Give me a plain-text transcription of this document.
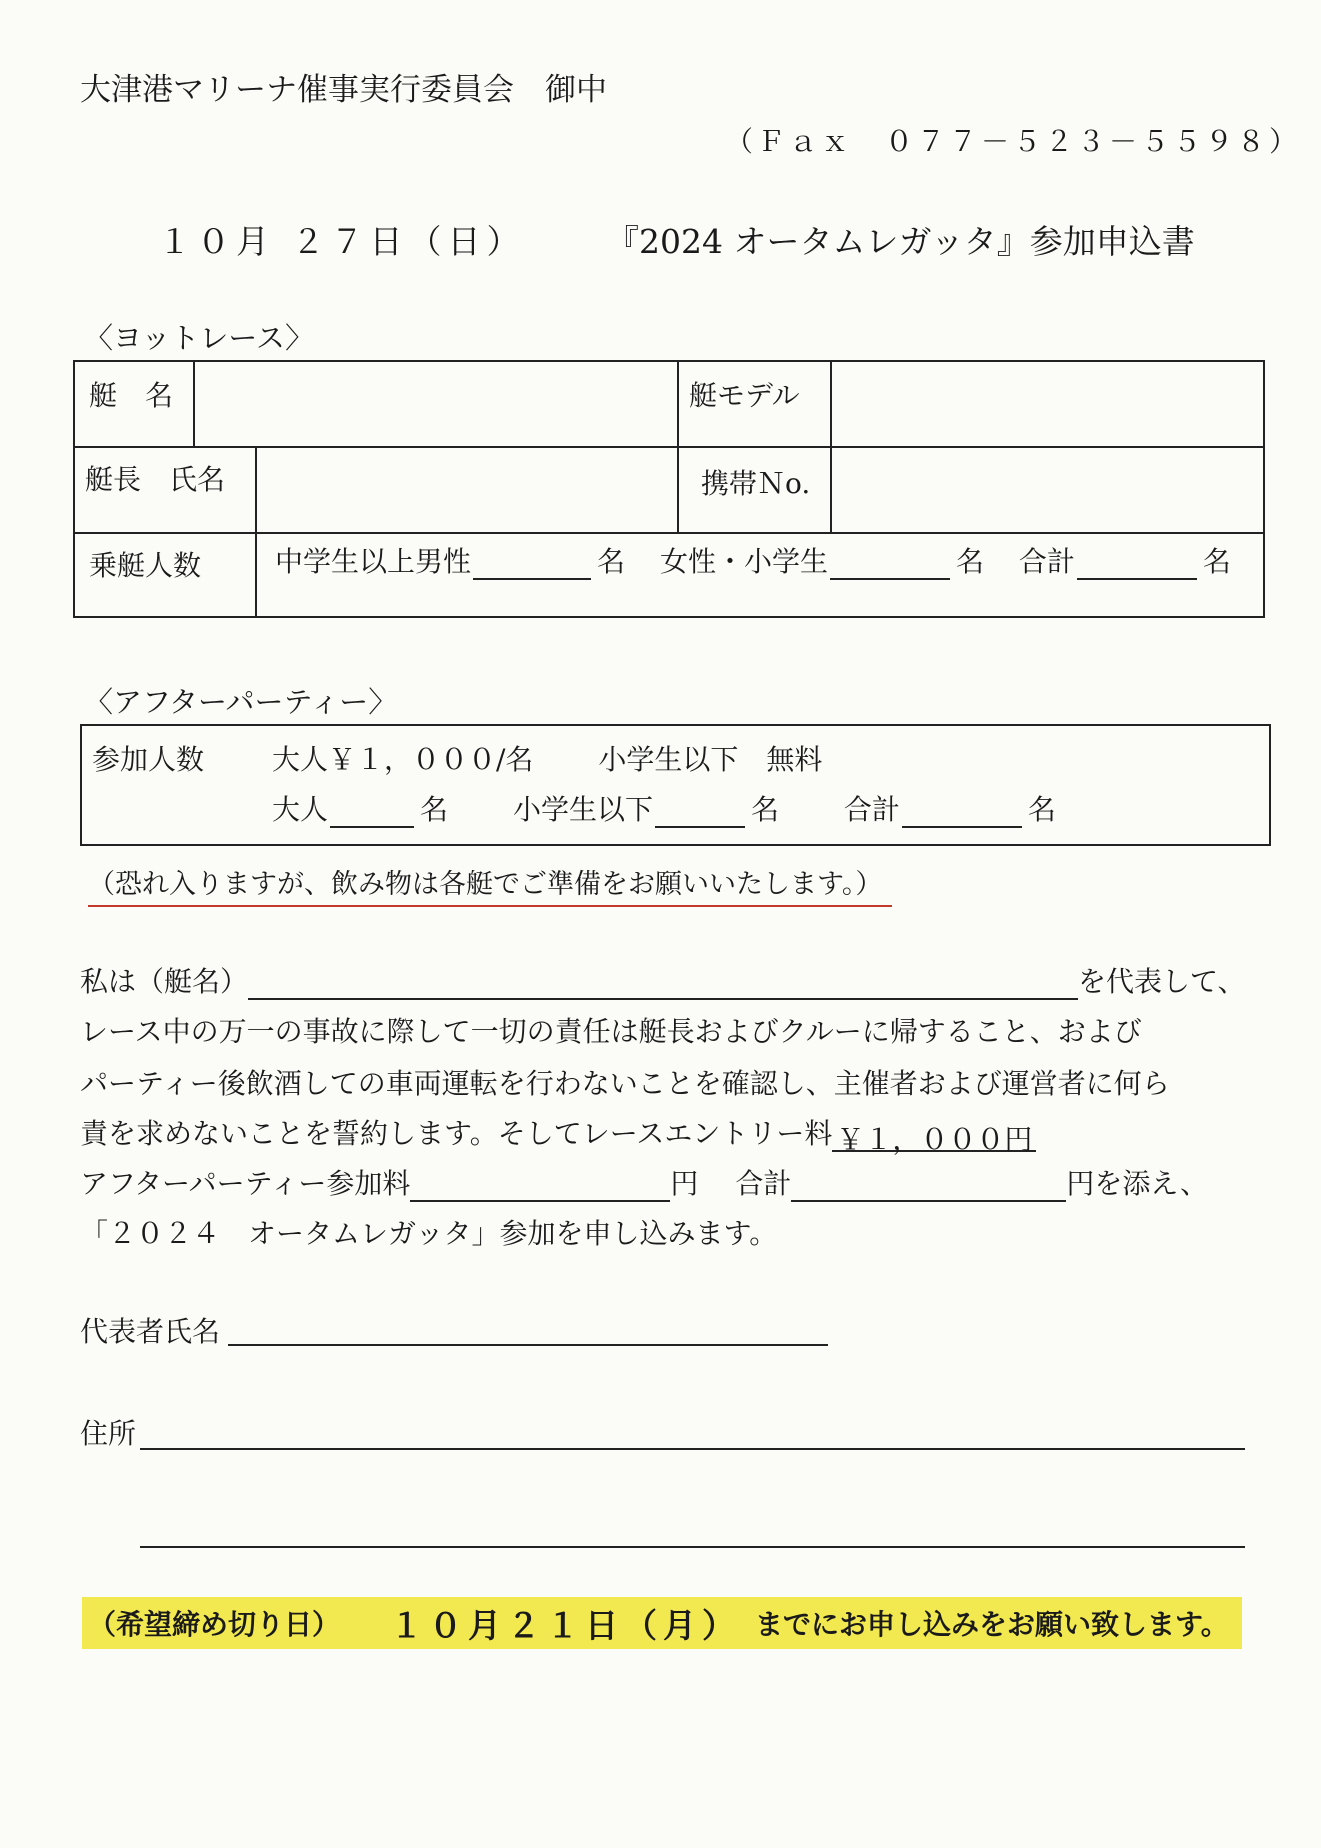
大津港マリーナ催事実行委員会　御中
（Ｆａｘ　０７７－５２３－５５９８）
１０月 ２７日（日） 『2024 オータムレガッタ』参加申込書
〈ヨットレース〉
艇　名	艇モデル
艇長　氏名	携帯Ｎo.
乗艇人数	中学生以上男性	名 女性・小学生	名 合計	名
〈アフターパーティー〉
参加人数 大人￥１，０００/名 小学生以下　無料
大人	名 小学生以下	名 合計	名
（恐れ入りますが、飲み物は各艇でご準備をお願いいたします。）
私は（艇名）	を代表して、
レース中の万一の事故に際して一切の責任は艇長およびクルーに帰すること、および
パーティー後飲酒しての車両運転を行わないことを確認し、主催者および運営者に何ら
責を求めないことを誓約します。そしてレースエントリー料 ￥１，０００円
アフターパーティー参加料	円 合計	円を添え、
「２０２４　オータムレガッタ」参加を申し込みます。
代表者氏名
住所
（希望締め切り日） １０月２１日（月） までにお申し込みをお願い致します。
